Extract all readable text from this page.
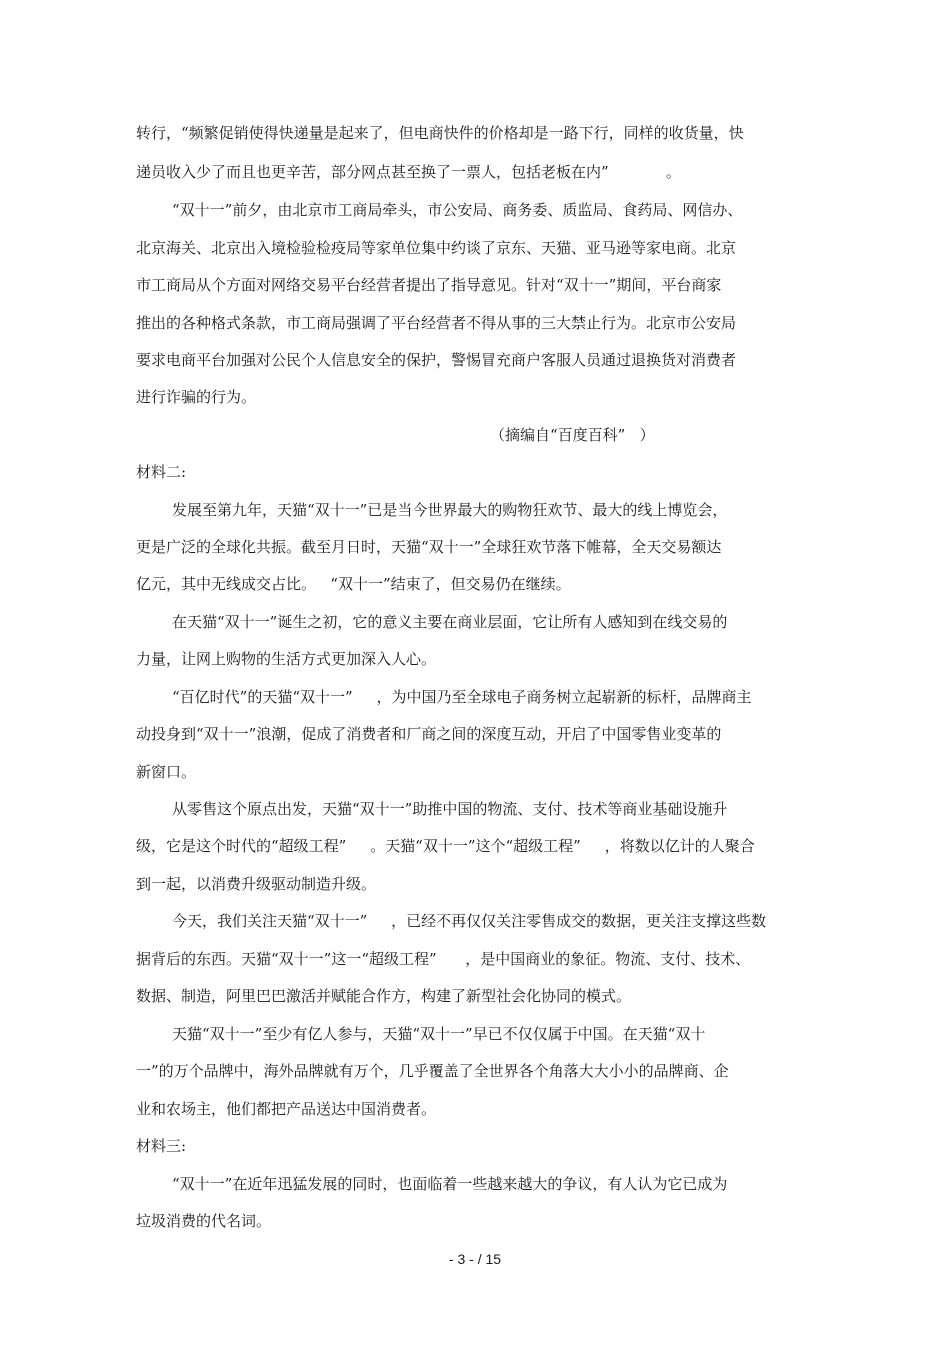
转行，“频繁促销使得快递量是起来了，但电商快件的价格却是一路下行，同样的收货量，快

递员收入少了而且也更辛苦，部分网点甚至换了一票人，包括老板在内”            。

“双十一”前夕，由北京市工商局牵头，市公安局、商务委、质监局、食药局、网信办、

北京海关、北京出入境检验检疫局等家单位集中约谈了京东、天猫、亚马逊等家电商。北京

市工商局从个方面对网络交易平台经营者提出了指导意见。针对“双十一”期间，平台商家

推出的各种格式条款，市工商局强调了平台经营者不得从事的三大禁止行为。北京市公安局

要求电商平台加强对公民个人信息安全的保护，警惕冒充商户客服人员通过退换货对消费者

进行诈骗的行为。

（摘编自“百度百科”   ）

材料二:

发展至第九年，天猫“双十一”已是当今世界最大的购物狂欢节、最大的线上博览会，

更是广泛的全球化共振。截至月日时，天猫“双十一”全球狂欢节落下帷幕，全天交易额达

亿元，其中无线成交占比。   “双十一”结束了，但交易仍在继续。

在天猫“双十一”诞生之初，它的意义主要在商业层面，它让所有人感知到在线交易的

力量，让网上购物的生活方式更加深入人心。

“百亿时代”的天猫“双十一”     ，为中国乃至全球电子商务树立起崭新的标杆，品牌商主

动投身到“双十一”浪潮，促成了消费者和厂商之间的深度互动，开启了中国零售业变革的

新窗口。

从零售这个原点出发，天猫“双十一”助推中国的物流、支付、技术等商业基础设施升

级，它是这个时代的“超级工程”     。天猫“双十一”这个“超级工程”     ，将数以亿计的人聚合

到一起，以消费升级驱动制造升级。

今天，我们关注天猫“双十一”     ，已经不再仅仅关注零售成交的数据，更关注支撑这些数

据背后的东西。天猫“双十一”这一“超级工程”      ，是中国商业的象征。物流、支付、技术、

数据、制造，阿里巴巴激活并赋能合作方，构建了新型社会化协同的模式。

天猫“双十一”至少有亿人参与，天猫“双十一”早已不仅仅属于中国。在天猫“双十

一”的万个品牌中，海外品牌就有万个，几乎覆盖了全世界各个角落大大小小的品牌商、企

业和农场主，他们都把产品送达中国消费者。

材料三:

“双十一”在近年迅猛发展的同时，也面临着一些越来越大的争议，有人认为它已成为

垃圾消费的代名词。

- 3 - / 15
